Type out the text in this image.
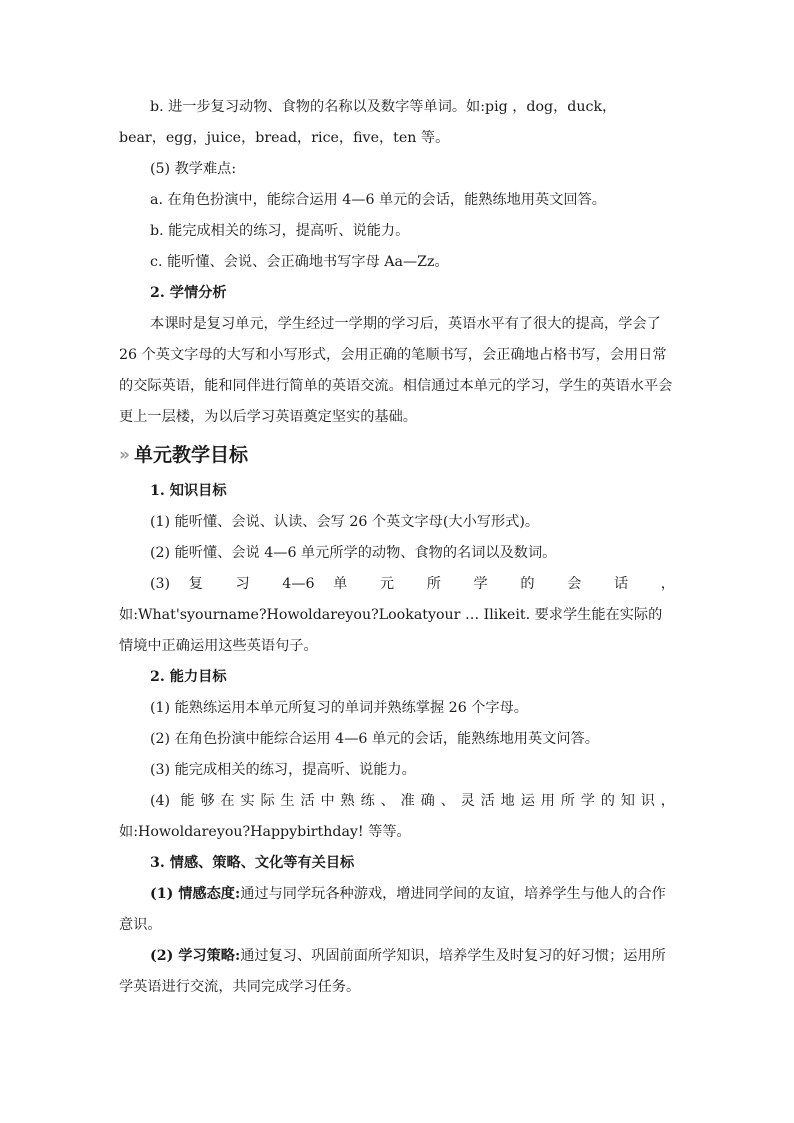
b. 进一步复习动物、食物的名称以及数字等单词。如:pig ，dog，duck，

bear，egg，juice，bread，rice，five，ten 等。

(5) 教学难点:

a. 在角色扮演中，能综合运用 4—6 单元的会话，能熟练地用英文回答。

b. 能完成相关的练习，提高听、说能力。

c. 能听懂、会说、会正确地书写字母 Aa—Zz。

2. 学情分析

本课时是复习单元，学生经过一学期的学习后，英语水平有了很大的提高，学会了 26 个英文字母的大写和小写形式，会用正确的笔顺书写，会正确地占格书写，会用日常的交际英语，能和同伴进行简单的英语交流。相信通过本单元的学习，学生的英语水平会更上一层楼，为以后学习英语奠定坚实的基础。

» 单元教学目标

1. 知识目标

(1) 能听懂、会说、认读、会写 26 个英文字母(大小写形式)。

(2) 能听懂、会说 4—6 单元所学的动物、食物的名词以及数词。

(3) 复 习 4—6 单 元 所 学 的 会 话 ，

如:What'syourname?Howoldareyou?Lookatyour … Ilikeit. 要求学生能在实际的情境中正确运用这些英语句子。

2. 能力目标

(1) 能熟练运用本单元所复习的单词并熟练掌握 26 个字母。

(2) 在角色扮演中能综合运用 4—6 单元的会话，能熟练地用英文问答。

(3) 能完成相关的练习，提高听、说能力。

(4) 能够在实际生活中熟练、准确、灵活地运用所学的知识，

如:Howoldareyou?Happybirthday! 等等。

3. 情感、策略、文化等有关目标

(1) 情感态度:通过与同学玩各种游戏，增进同学间的友谊，培养学生与他人的合作意识。

(2) 学习策略:通过复习、巩固前面所学知识，培养学生及时复习的好习惯；运用所学英语进行交流，共同完成学习任务。
